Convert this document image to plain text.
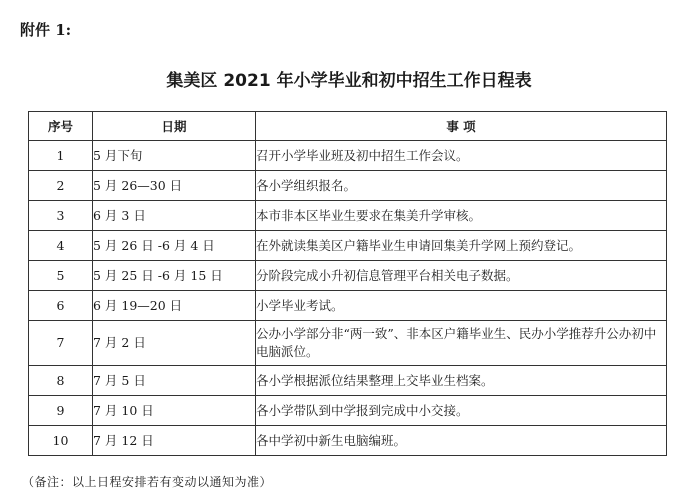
附件 1:
集美区 2021 年小学毕业和初中招生工作日程表
序号	日期	事 项
1	5 月下旬	召开小学毕业班及初中招生工作会议。
2	5 月 26—30 日	各小学组织报名。
3	6 月 3 日	本市非本区毕业生要求在集美升学审核。
4	5 月 26 日 -6 月 4 日	在外就读集美区户籍毕业生申请回集美升学网上预约登记。
5	5 月 25 日 -6 月 15 日	分阶段完成小升初信息管理平台相关电子数据。
6	6 月 19—20 日	小学毕业考试。
7	7 月 2 日	公办小学部分非“两一致”、非本区户籍毕业生、民办小学推荐升公办初中电脑派位。
8	7 月 5 日	各小学根据派位结果整理上交毕业生档案。
9	7 月 10 日	各小学带队到中学报到完成中小交接。
10	7 月 12 日	各中学初中新生电脑编班。
（备注：以上日程安排若有变动以通知为准）
